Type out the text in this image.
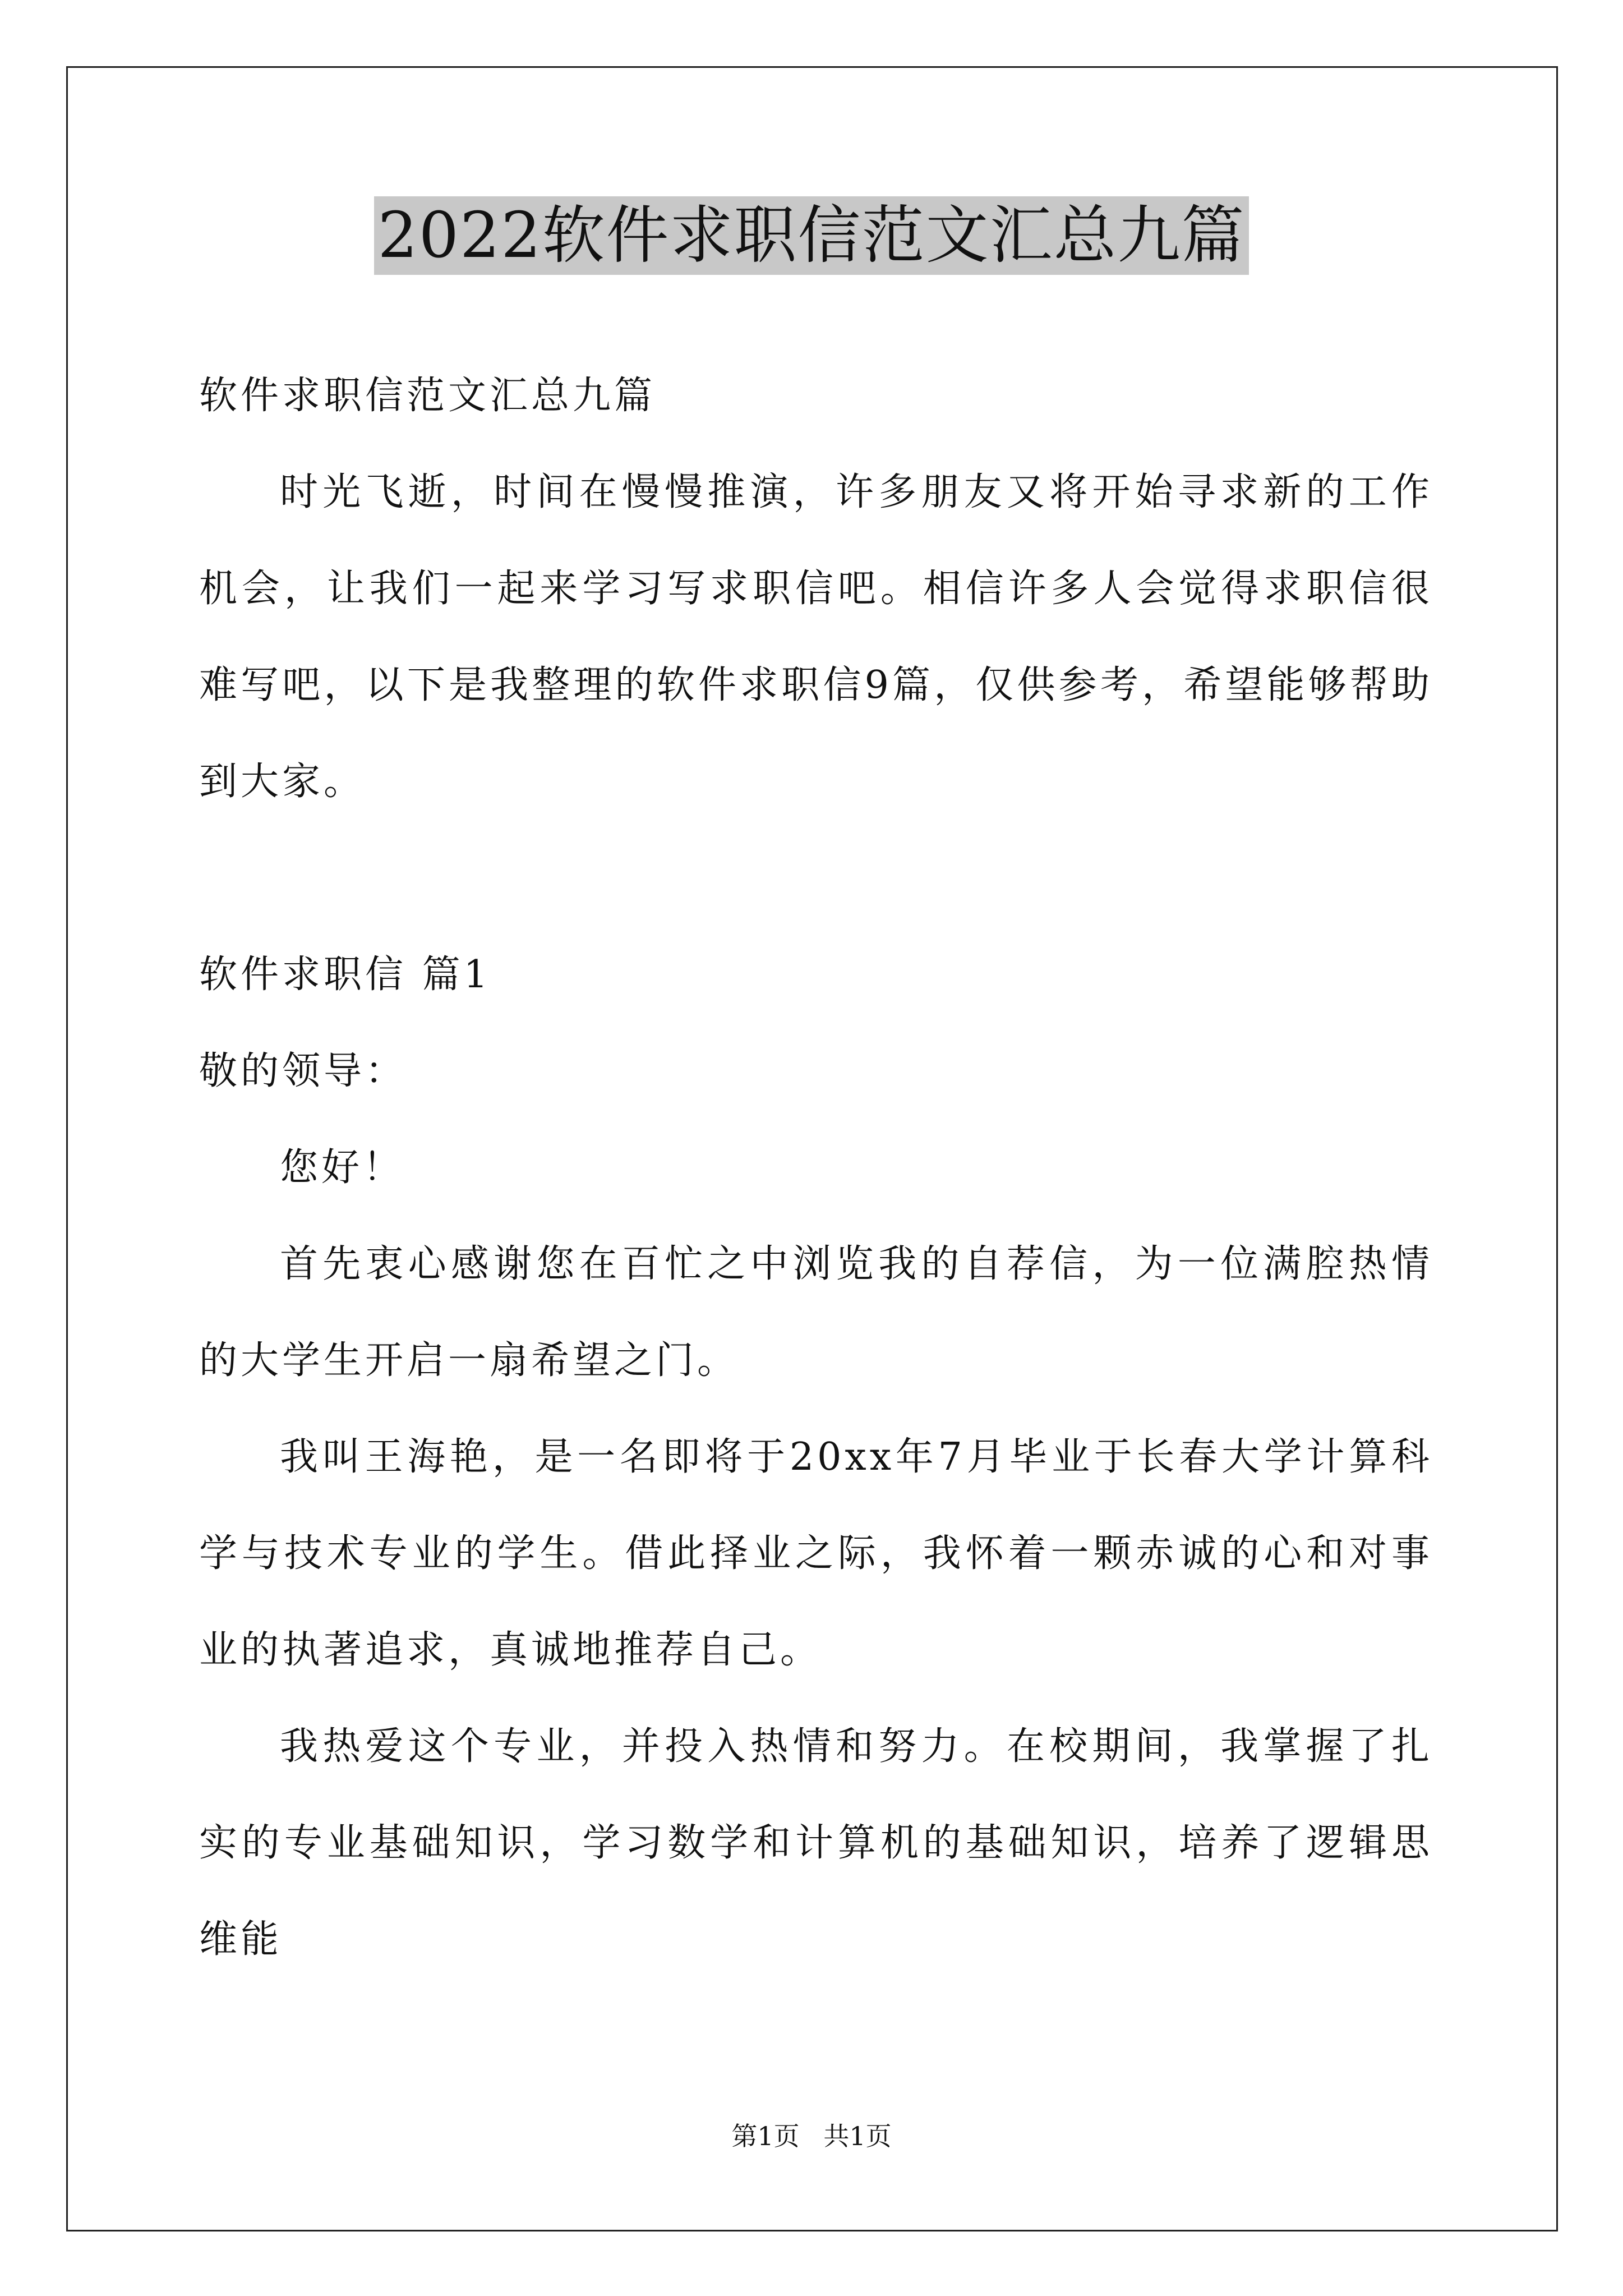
2022软件求职信范文汇总九篇

软件求职信范文汇总九篇

时光飞逝，时间在慢慢推演，许多朋友又将开始寻求新的工作机会，让我们一起来学习写求职信吧。相信许多人会觉得求职信很难写吧，以下是我整理的软件求职信9篇，仅供参考，希望能够帮助到大家。

软件求职信 篇1

敬的领导：

您好！

首先衷心感谢您在百忙之中浏览我的自荐信，为一位满腔热情的大学生开启一扇希望之门。

我叫王海艳，是一名即将于20xx年7月毕业于长春大学计算科学与技术专业的学生。借此择业之际，我怀着一颗赤诚的心和对事业的执著追求，真诚地推荐自己。

我热爱这个专业，并投入热情和努力。在校期间，我掌握了扎实的专业基础知识，学习数学和计算机的基础知识，培养了逻辑思维能

第1页 共1页
